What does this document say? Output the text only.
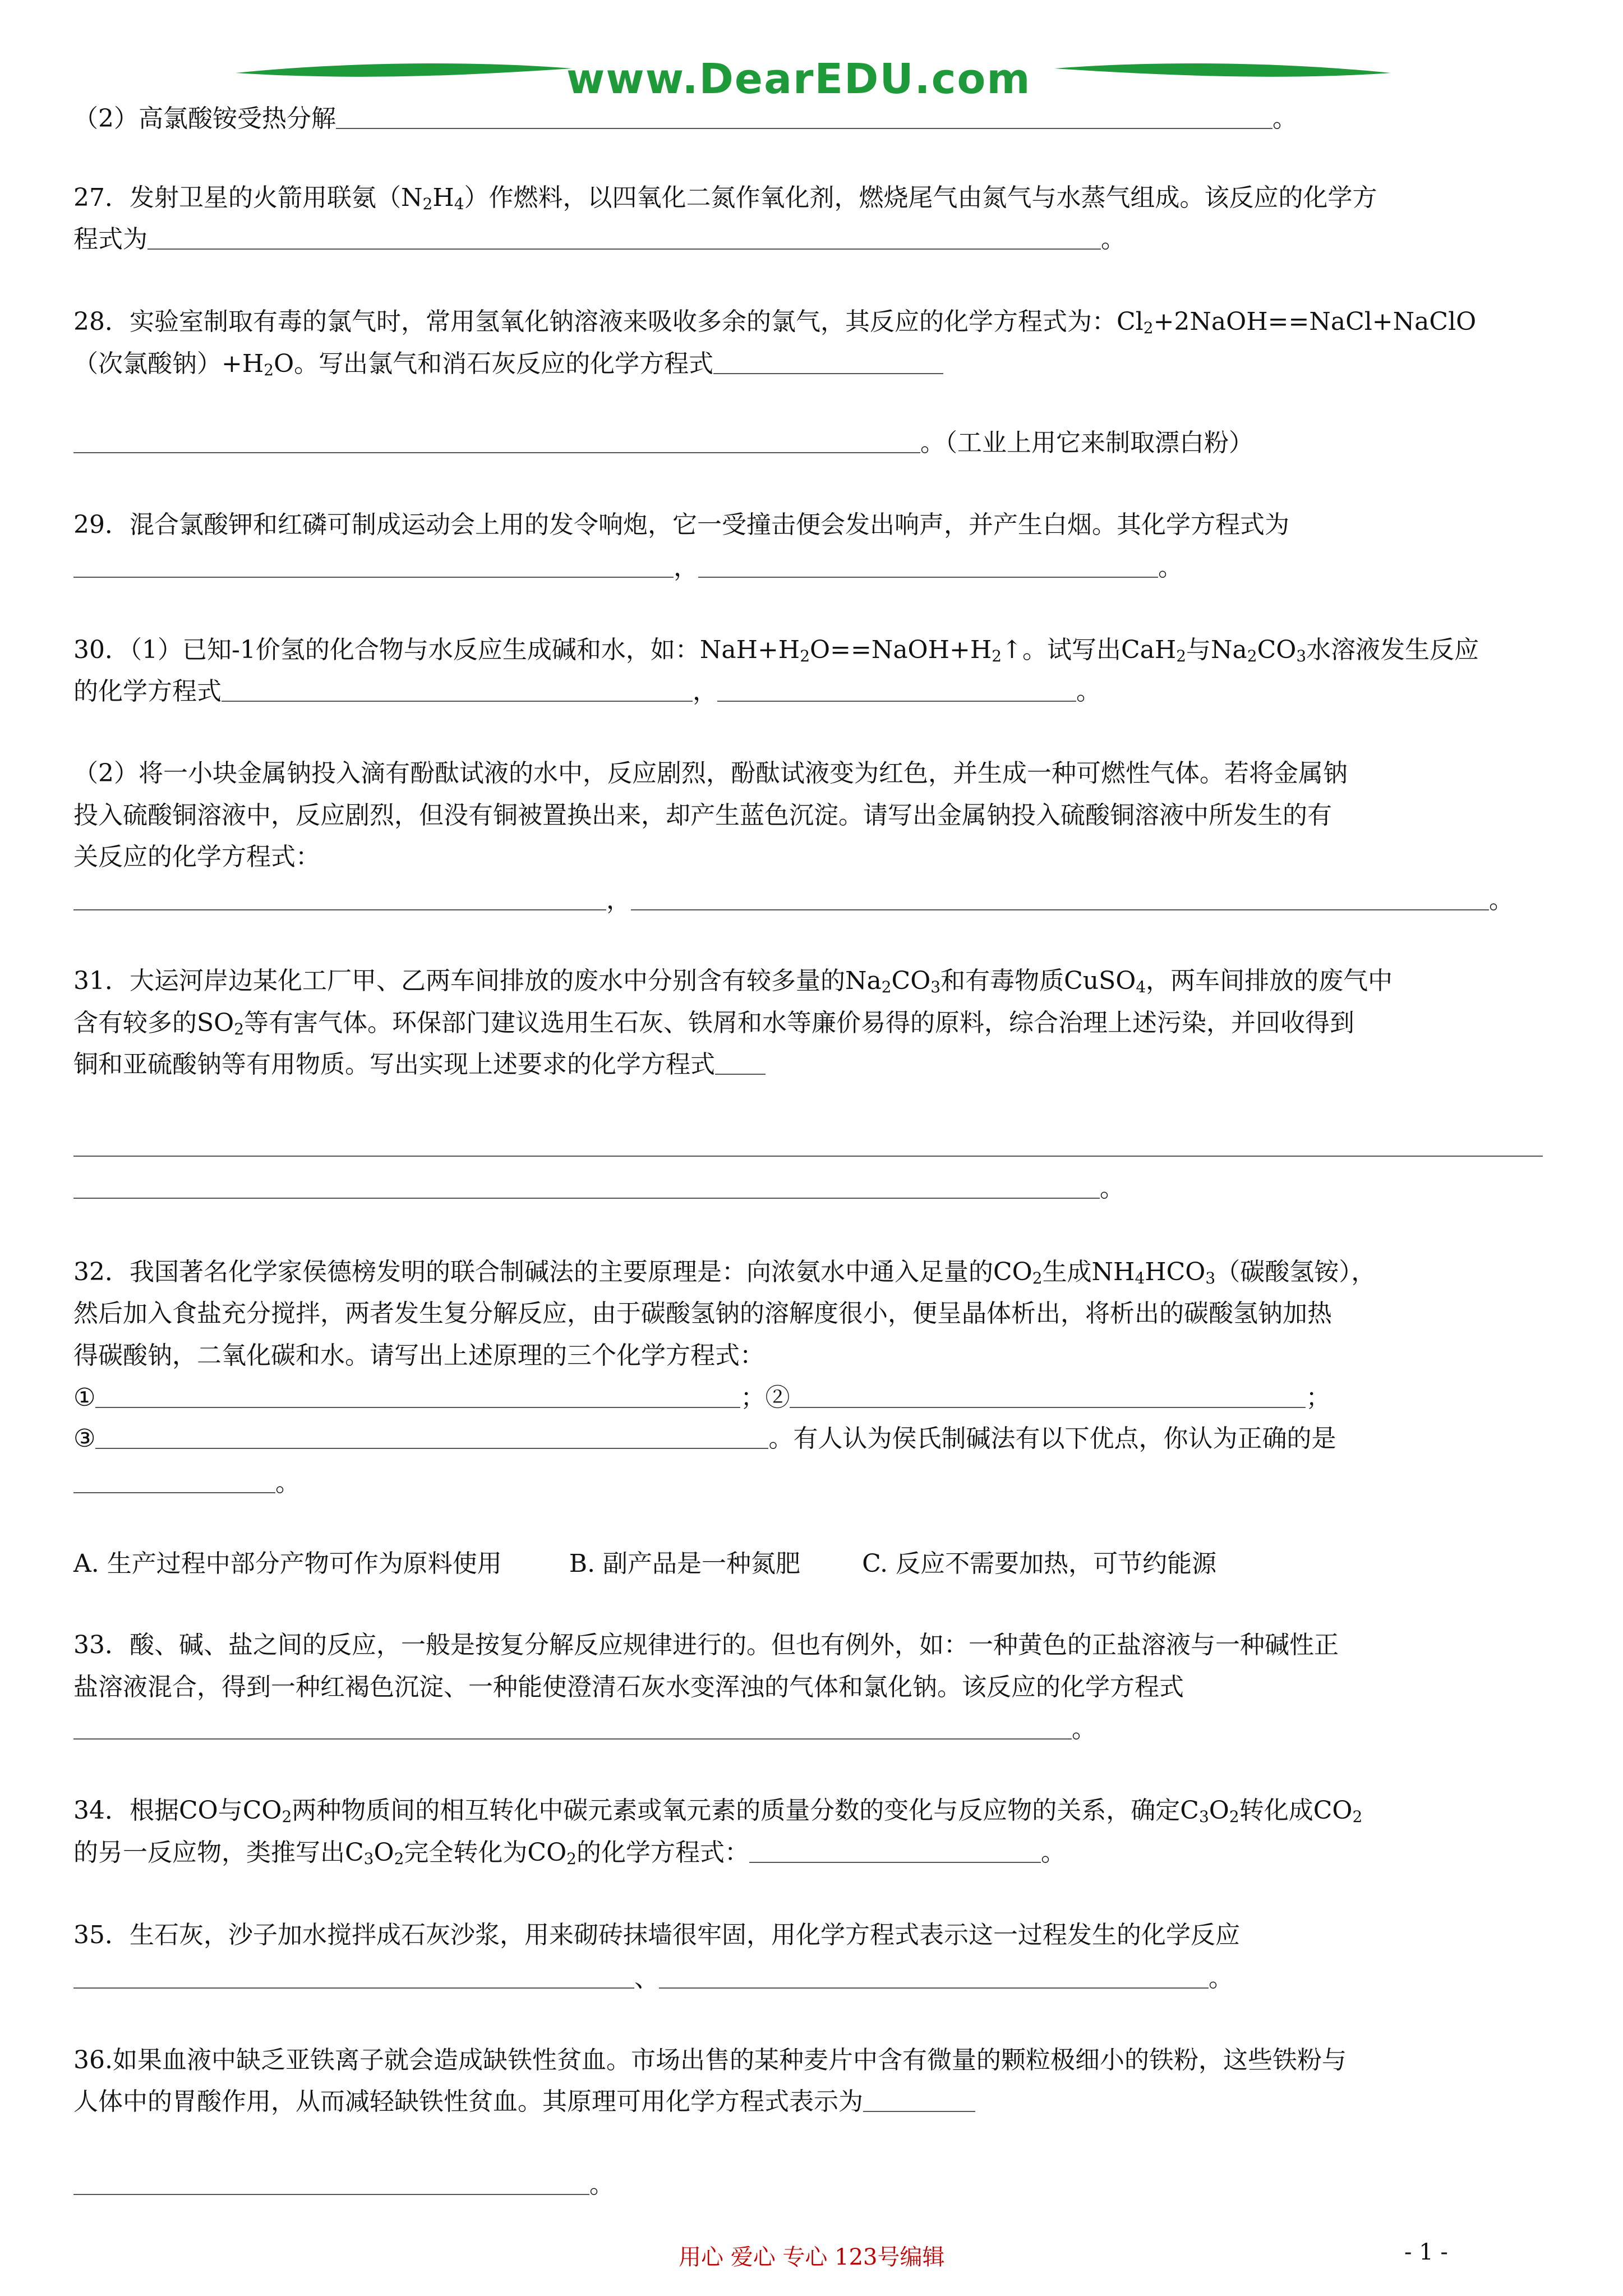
www.DearEDU.com
（2）高氯酸铵受热分解	。
27．发射卫星的火箭用联氨$(N_2H_4)$作燃料，以四氧化二氮作氧化剂，燃烧尾气由氮气与水蒸气组成。该反应的化学方
程式为	。
28．实验室制取有毒的氯气时，常用氢氧化钠溶液来吸收多余的氯气，其反应的化学方程式为：$Cl_2+2NaOH==NaCl+NaClO$
（次氯酸钠）$+H_2O$。写出氯气和消石灰反应的化学方程式
。（工业上用它来制取漂白粉）
29．混合氯酸钾和红磷可制成运动会上用的发令响炮，它一受撞击便会发出响声，并产生白烟。其化学方程式为
，	。
30．（1）已知-1价氢的化合物与水反应生成碱和水，如：$NaH+H_2O==NaOH+H_2↑$。试写出CaH$_2$与$Na_2CO_3$水溶液发生反应
的化学方程式	，	。
（2）将一小块金属钠投入滴有酚酞试液的水中，反应剧烈，酚酞试液变为红色，并生成一种可燃性气体。若将金属钠
投入硫酸铜溶液中，反应剧烈，但没有铜被置换出来，却产生蓝色沉淀。请写出金属钠投入硫酸铜溶液中所发生的有
关反应的化学方程式：
，	。
31．大运河岸边某化工厂甲、乙两车间排放的废水中分别含有较多量的$Na_2CO_3$和有毒物质CuSO$_4$，两车间排放的废气中
含有较多的$SO_2$等有害气体。环保部门建议选用生石灰、铁屑和水等廉价易得的原料，综合治理上述污染，并回收得到
铜和亚硫酸钠等有用物质。写出实现上述要求的化学方程式
。
32．我国著名化学家侯德榜发明的联合制碱法的主要原理是：向浓氨水中通入足量的$CO_2$生成$NH_4HCO_3$（碳酸氢铵），
然后加入食盐充分搅拌，两者发生复分解反应，由于碳酸氢钠的溶解度很小，便呈晶体析出，将析出的碳酸氢钠加热
得碳酸钠，二氧化碳和水。请写出上述原理的三个化学方程式：
①	；②	；
③	。有人认为侯氏制碱法有以下优点，你认为正确的是
。
A. 生产过程中部分产物可作为原料使用	B. 副产品是一种氮肥	C. 反应不需要加热，可节约能源
33．酸、碱、盐之间的反应，一般是按复分解反应规律进行的。但也有例外，如：一种黄色的正盐溶液与一种碱性正
盐溶液混合，得到一种红褐色沉淀、一种能使澄清石灰水变浑浊的气体和氯化钠。该反应的化学方程式
。
34．根据CO与$CO_2$两种物质间的相互转化中碳元素或氧元素的质量分数的变化与反应物的关系，确定$C_3O_2$转化成$CO_2$
的另一反应物，类推写出$C_3O_2$完全转化为$CO_2$的化学方程式：	。
35．生石灰，沙子加水搅拌成石灰沙浆，用来砌砖抹墙很牢固，用化学方程式表示这一过程发生的化学反应
、	。
36.如果血液中缺乏亚铁离子就会造成缺铁性贫血。市场出售的某种麦片中含有微量的颗粒极细小的铁粉，这些铁粉与
人体中的胃酸作用，从而减轻缺铁性贫血。其原理可用化学方程式表示为
。
用心 爱心 专心 123号编辑	- 1 -
